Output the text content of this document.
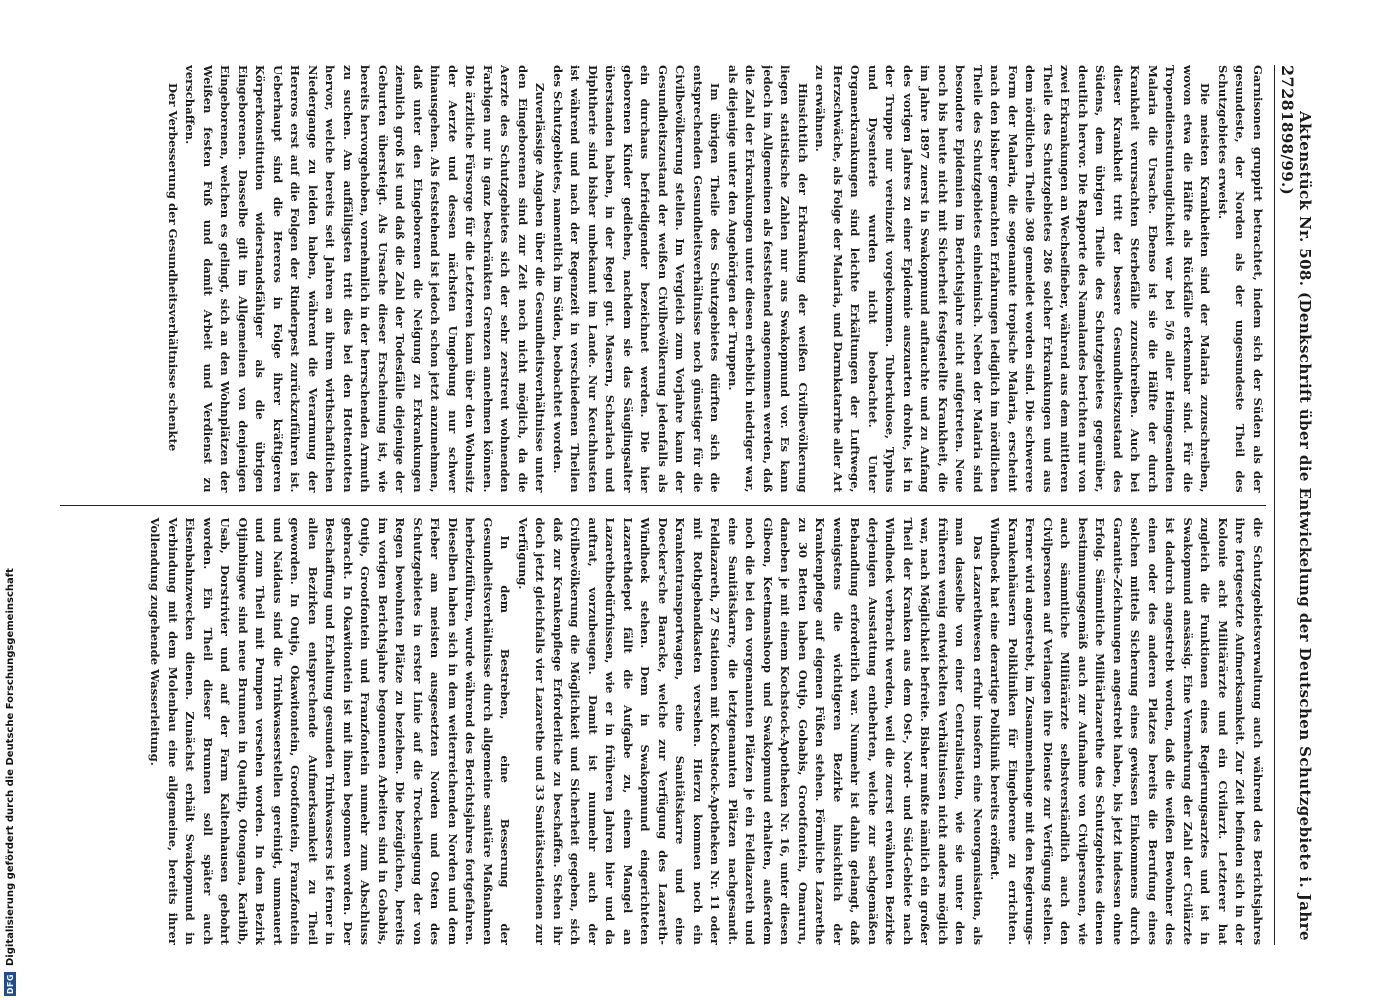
2728
Aktenstück Nr. 508. (Denkschrift über die Entwickelung der Deutschen Schutzgebiete i. Jahre 1898/99.)

Garnisonen gruppirt betrachtet, indem sich der Süden als der gesundeste, der Norden als der ungesundeste Theil des Schutzgebietes erweist.

Die meisten Krankheiten sind der Malaria zuzuschreiben, wovon etwa die Hälfte als Rückfälle erkennbar sind. Für die Tropendienstuntauglichkeit war bei 5/6 aller Heimgesandten Malaria die Ursache. Ebenso ist sie die Hälfte der durch Krankheit verursachten Sterbefälle zuzuschreiben. Auch bei dieser Krankheit tritt der bessere Gesundheitszustand des Südens, dem übrigen Theile des Schutzgebietes gegenüber, deutlich hervor. Die Rapporte des Namalandes berichten nur von zwei Erkrankungen an Wechselfieber, während aus dem mittleren Theile des Schutzgebietes 286 solcher Erkrankungen und aus dem nördlichen Theile 308 gemeldet worden sind. Die schwerere Form der Malaria, die sogenannte tropische Malaria, erscheint nach den bisher gemachten Erfahrungen lediglich im nördlichen Theile des Schutzgebietes einheimisch. Neben der Malaria sind besondere Epidemien im Berichtsjahre nicht aufgetreten. Neue noch bis heute nicht mit Sicherheit festgestellte Krankheit, die im Jahre 1897 zuerst in Swakopmund auftauchte und zu Anfang des vorigen Jahres zu einer Epidemie auszuarten drohte, ist in der Truppe nur vereinzelt vorgekommen. Tuberkulose, Typhus und Dysenterie wurden nicht beobachtet. Unter Organerkrankungen sind leichte Erkältungen der Luftwege, Herzschwäche, als Folge der Malaria, und Darmkatarrhe aller Art zu erwähnen.

Hinsichtlich der Erkrankung der weißen Civilbevölkerung liegen statistische Zahlen nur aus Swakopmund vor. Es kann jedoch im Allgemeinen als feststehend angenommen werden, daß die Zahl der Erkrankungen unter diesen erheblich niedriger war, als diejenige unter den Angehörigen der Truppen.

Im übrigen Theile des Schutzgebietes dürften sich die entsprechenden Gesundheitsverhältnisse noch günstiger für die Civilbevölkerung stellen. Im Vergleich zum Vorjahre kann der Gesundheitszustand der weißen Civilbevölkerung jedenfalls als ein durchaus befriedigender bezeichnet werden. Die hier geborenen Kinder gediehen, nachdem sie das Säuglingsalter überstanden haben, in der Regel gut. Masern, Scharlach und Diphtherie sind bisher unbekannt im Lande. Nur Keuchhusten ist während und nach der Regenzeit in verschiedenen Theilen des Schutzgebietes, namentlich im Süden, beobachtet worden.

Zuverlässige Angaben über die Gesundheitsverhältnisse unter den Eingeborenen sind zur Zeit noch nicht möglich, da die Aerzte des Schutzgebietes sich der sehr zerstreut wohnenden Farbigen nur in ganz beschränkten Grenzen annehmen können. Die ärztliche Fürsorge für die Letzteren kann über den Wohnsitz der Aerzte und dessen nächsten Umgebung nur schwer hinausgehen. Als feststehend ist jedoch schon jetzt anzunehmen, daß unter den Eingeborenen die Neigung zu Erkrankungen ziemlich groß ist und daß die Zahl der Todesfälle diejenige der Geburten übersteigt. Als Ursache dieser Erscheinung ist, wie bereits hervorgehoben, vornehmlich in der herrschenden Armuth zu suchen. Am auffälligsten tritt dies bei den Hottentotten hervor, welche bereits seit Jahren an ihrem wirthschaftlichen Niedergange zu leiden haben, während die Verarmung der Hereros erst auf die Folgen der Rinderpest zurückzuführen ist. Ueberhaupt sind die Hereros in Folge ihrer kräftigeren Körperkonstitution widerstandsfähiger als die übrigen Eingeborenen. Dasselbe gilt im Allgemeinen von denjenigen Eingeborenen, welchen es gelingt, sich an den Wohnplätzen der Weißen festen Fuß und damit Arbeit und Verdienst zu verschaffen.

Der Verbesserung der Gesundheitsverhältnisse schenkte

die Schutzgebietsverwaltung auch während des Berichtsjahres ihre fortgesetzte Aufmerksamkeit. Zur Zeit befinden sich in der Kolonie acht Militärärzte und ein Civilarzt. Letzterer hat zugleich die Funktionen eines Regierungsarztes und ist in Swakopmund ansässig. Eine Vermehrung der Zahl der Civilärzte ist dadurch angestrebt worden, daß die weißen Bewohner des einen oder des anderen Platzes bereits die Berufung eines solchen mittels Sicherung eines gewissen Einkommens durch Garantie-Zeichnungen angestrebt haben, bis jetzt indessen ohne Erfolg. Sämmtliche Militärlazarethe des Schutzgebietes dienen bestimmungsgemäß auch zur Aufnahme von Civilpersonen, wie auch sämmtliche Militärärzte selbstverständlich auch den Civilpersonen auf Verlangen ihre Dienste zur Verfügung stellen. Ferner wird angestrebt, im Zusammenhange mit den Regierungs-Krankenhäusern Polikliniken für Eingeborene zu errichten. Windhoek hat eine derartige Poliklinik bereits eröffnet.

Das Lazarethwesen erfuhr insofern eine Neuorganisation, als man dasselbe von einer Centralisation, wie sie unter den früheren wenig entwickelten Verhältnissen nicht anders möglich war, nach Möglichkeit befreite. Bisher mußte nämlich ein großer Theil der Kranken aus dem Ost-, Nord- und Süd-Gebiete nach Windhoek verbracht werden, weil die zuerst erwähnten Bezirke derjenigen Ausstattung entbehrten, welche zur sachgemäßen Behandlung erforderlich war. Nunmehr ist dahin gelangt, daß wenigstens die wichtigeren Bezirke hinsichtlich der Krankenpflege auf eigenen Füßen stehen. Förmliche Lazarethe zu 30 Betten haben Outjo, Gobabis, Grootfontein, Omaruru, daneben je mit einem Kochstock-Apotheken Nr. 16, unter diesen Gibeon, Keetmanshoop und Swakopmund erhalten, außerdem noch die bei den vorgenannten Plätzen je ein Feldlazareth und eine Sanitätskarre, die letztgenannten Plätzen nachgesandt. Feldlazareth, 27 Stationen mit Kochstock-Apotheken Nr. 11 oder mit Rothgebandkasten versehen. Hierzu kommen noch ein Krankentransportwagen, eine Sanitätskarre und eine Doecker'sche Baracke, welche zur Verfügung des Lazareth-Windhoek stehen. Dem in Swakopmund eingerichteten Lazarethdepot fällt die Aufgabe zu, einem Mangel an Lazarethbedürfnissen, wie er in früheren Jahren hier und da auftrat, vorzubeugen. Damit ist nunmehr auch der Civilbevölkerung die Möglichkeit und Sicherheit gegeben, sich daß zur Krankenpflege Erforderliche zu beschaffen. Stehen ihr doch jetzt gleichfalls vier Lazarethe und 33 Sanitätsstationen zur Verfügung.

In dem Bestreben, eine Besserung der Gesundheitsverhältnisse durch allgemeine sanitäre Maßnahmen herbeizuführen, wurde während des Berichtsjahres fortgefahren. Dieselben haben sich in dem weiterreichenden Norden und dem Fieber am meisten ausgesetzten Norden und Osten des Schutzgebietes in erster Linie auf die Trockenlegung der von Regen bewohnten Plätze zu beziehen. Die bezüglichen, bereits im vorigen Berichtsjahre begonnenen Arbeiten sind in Gobabis, Outjo, Grootfontein und Franzfontein numehr zum Abschluss gebracht. In Okawitontein ist mit ihnen begonnen worden. Der Beschaffung und Erhaltung gesunden Trinkwassers ist ferner in allen Bezirken entsprechende Aufmerksamkeit zu Theil geworden. In Outjo, Okawitontein, Grootfontein, Franzfontein und Naidaus sind die Trinkwasserstellen gereinigt, ummauert und zum Theil mit Pumpen versehen worden. In dem Bezirk Otjimbingwe sind neue Brunnen in Quattip, Otongana, Karibib, Usab, Dorstrivier und auf der Farm Kaltenhausen gebohrt worden. Ein Theil dieser Brunnen soll später auch Eisenbahnzwecken dienen. Zunächst erhält Swakopmund in Verbindung mit dem Molenbau eine allgemeine, bereits ihrer Vollendung zugehende Wasserleitung.

DFG
Digitalisierung gefördert durch die Deutsche Forschungsgemeinschaft
